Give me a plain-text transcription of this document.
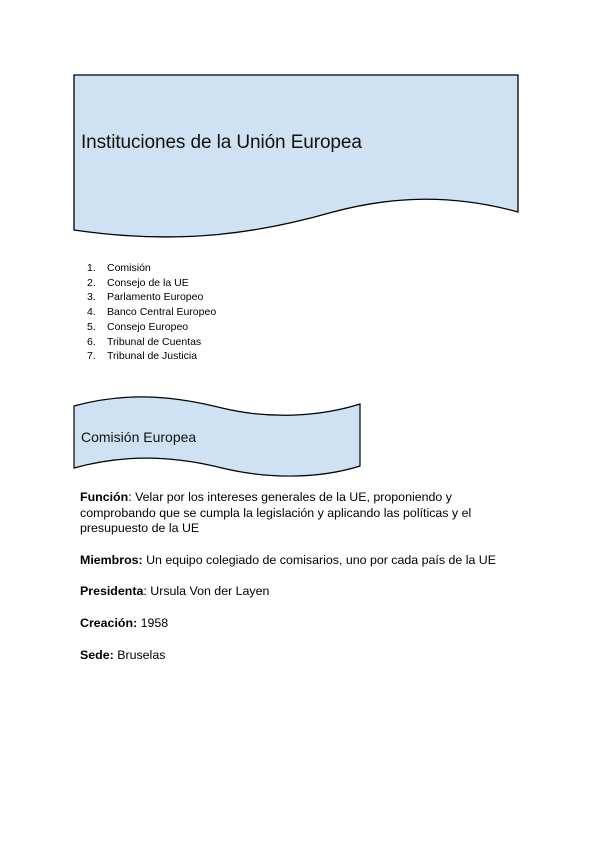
Instituciones de la Unión Europea
1.	Comisión
2.	Consejo de la UE
3.	Parlamento Europeo
4.	Banco Central Europeo
5.	Consejo Europeo
6.	Tribunal de Cuentas
7.	Tribunal de Justicia
Comisión Europea

Función: Velar por los intereses generales de la UE, proponiendo y comprobando que se cumpla la legislación y aplicando las políticas y el presupuesto de la UE

Miembros: Un equipo colegiado de comisarios, uno por cada país de la UE

Presidenta: Ursula Von der Layen

Creación: 1958

Sede: Bruselas
